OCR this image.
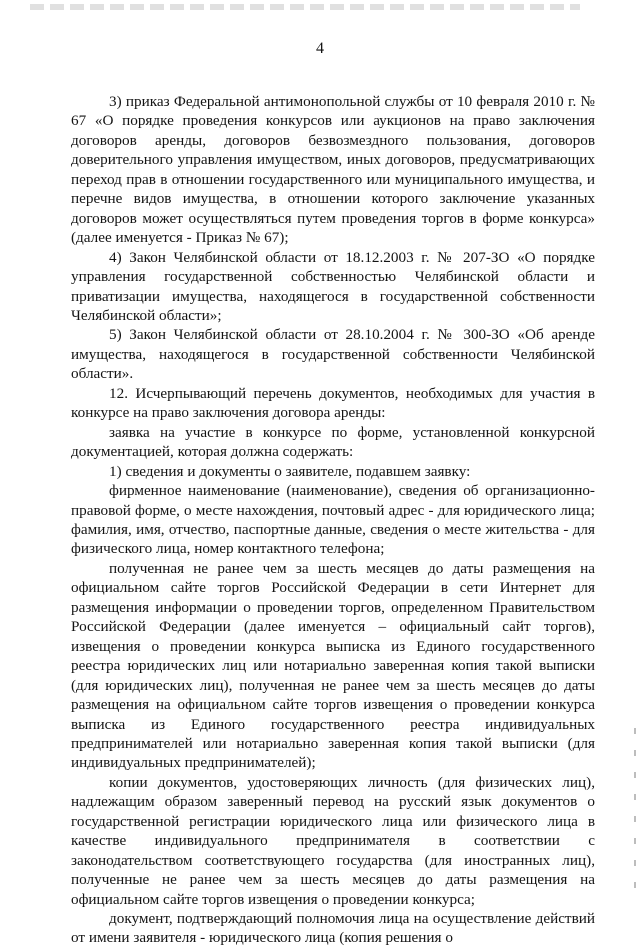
4

3) приказ Федеральной антимонопольной службы от 10 февраля 2010 г. № 67 «О порядке проведения конкурсов или аукционов на право заключения договоров аренды, договоров безвозмездного пользования, договоров доверительного управления имуществом, иных договоров, предусматривающих переход прав в отношении государственного или муниципального имущества, и перечне видов имущества, в отношении которого заключение указанных договоров может осуществляться путем проведения торгов в форме конкурса» (далее именуется - Приказ № 67);

4) Закон Челябинской области от 18.12.2003 г. № 207-ЗО «О порядке управления государственной собственностью Челябинской области и приватизации имущества, находящегося в государственной собственности Челябинской области»;

5) Закон Челябинской области от 28.10.2004 г. № 300-ЗО «Об аренде имущества, находящегося в государственной собственности Челябинской области».

12. Исчерпывающий перечень документов, необходимых для участия в конкурсе на право заключения договора аренды:

заявка на участие в конкурсе по форме, установленной конкурсной документацией, которая должна содержать:

1) сведения и документы о заявителе, подавшем заявку:

фирменное наименование (наименование), сведения об организационно-правовой форме, о месте нахождения, почтовый адрес - для юридического лица; фамилия, имя, отчество, паспортные данные, сведения о месте жительства - для физического лица, номер контактного телефона;

полученная не ранее чем за шесть месяцев до даты размещения на официальном сайте торгов Российской Федерации в сети Интернет для размещения информации о проведении торгов, определенном Правительством Российской Федерации (далее именуется – официальный сайт торгов), извещения о проведении конкурса выписка из Единого государственного реестра юридических лиц или нотариально заверенная копия такой выписки (для юридических лиц), полученная не ранее чем за шесть месяцев до даты размещения на официальном сайте торгов извещения о проведении конкурса выписка из Единого государственного реестра индивидуальных предпринимателей или нотариально заверенная копия такой выписки (для индивидуальных предпринимателей);

копии документов, удостоверяющих личность (для физических лиц), надлежащим образом заверенный перевод на русский язык документов о государственной регистрации юридического лица или физического лица в качестве индивидуального предпринимателя в соответствии с законодательством соответствующего государства (для иностранных лиц), полученные не ранее чем за шесть месяцев до даты размещения на официальном сайте торгов извещения о проведении конкурса;

документ, подтверждающий полномочия лица на осуществление действий от имени заявителя - юридического лица (копия решения о
